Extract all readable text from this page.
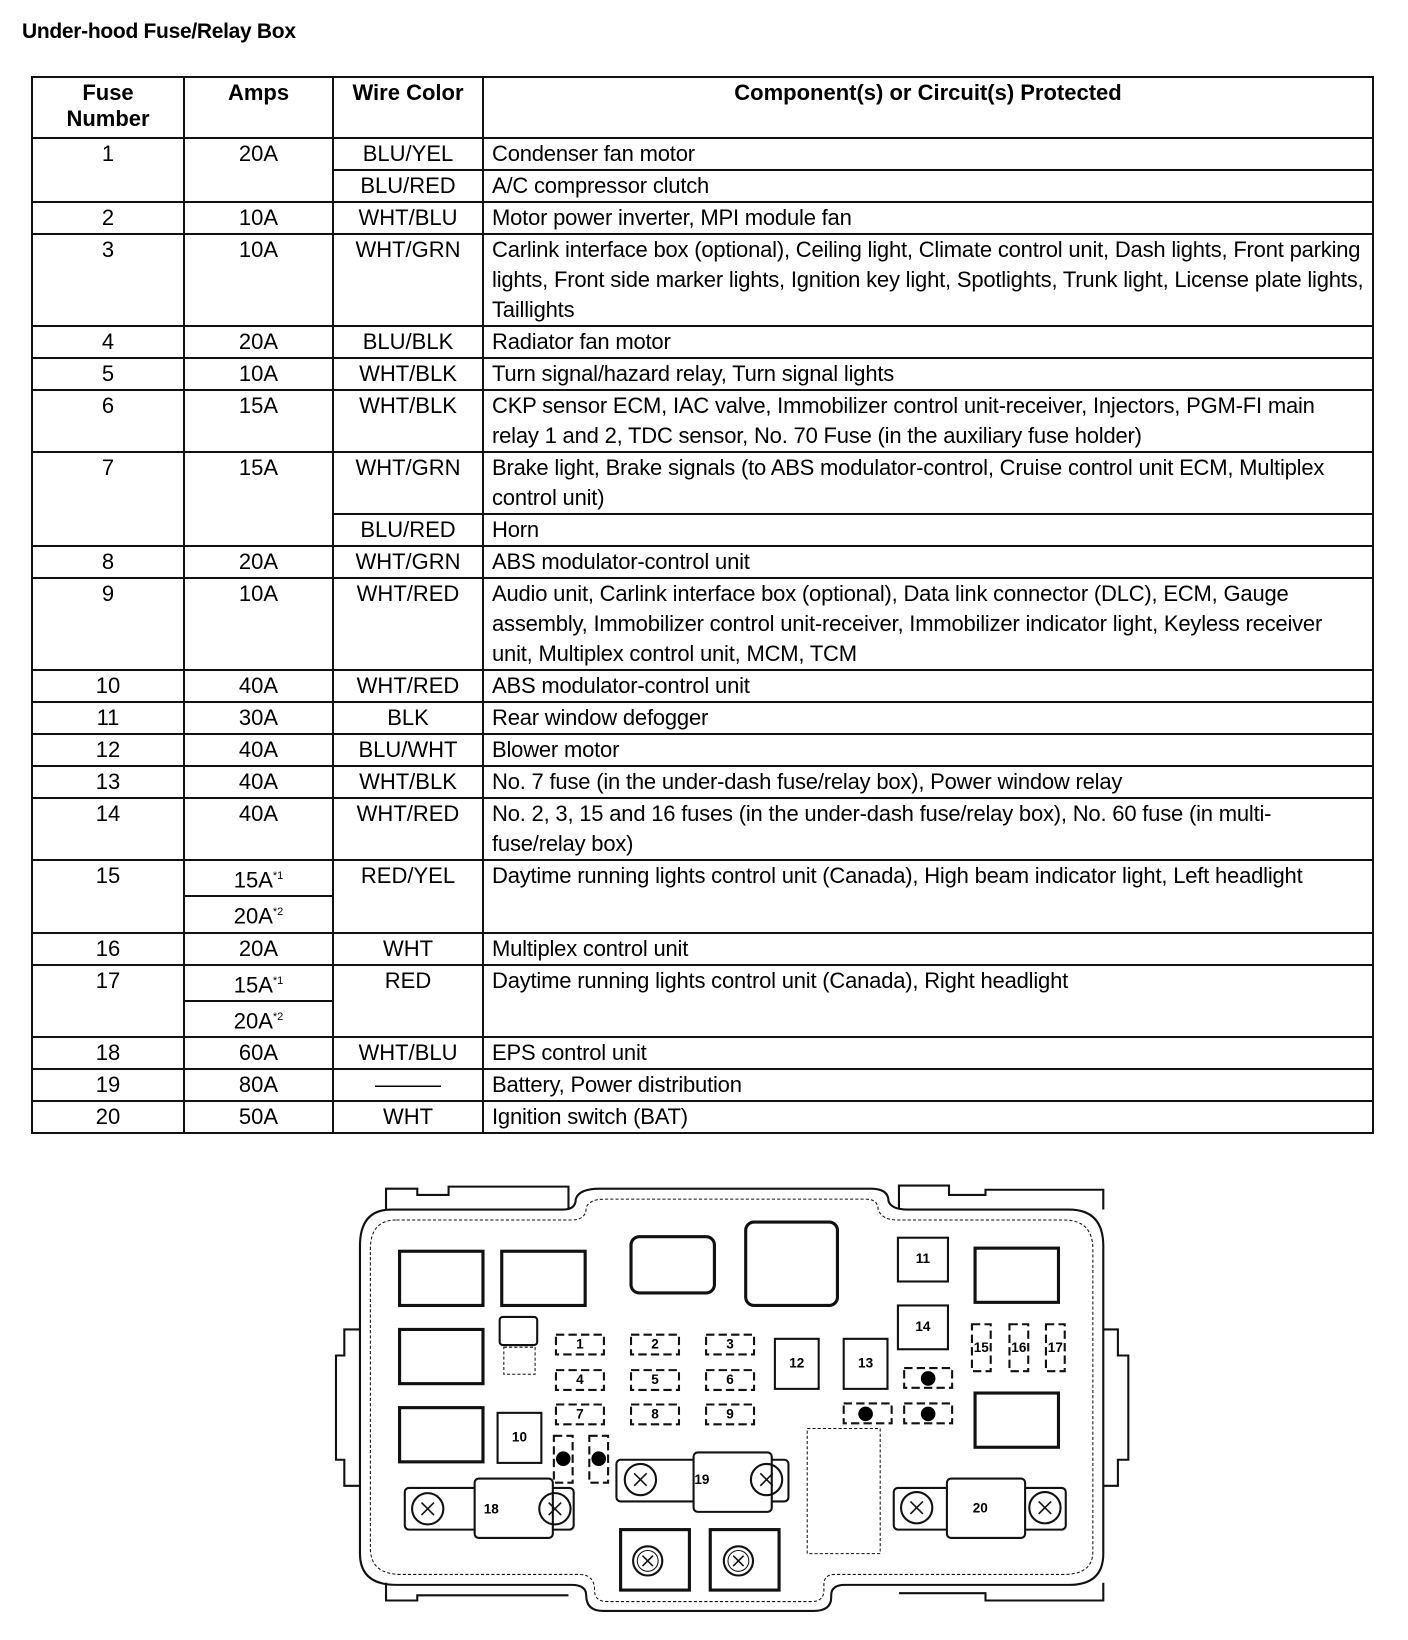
Under-hood Fuse/Relay Box
Fuse Number	Amps	Wire Color	Component(s) or Circuit(s) Protected
1	20A	BLU/YEL	Condenser fan motor
		BLU/RED	A/C compressor clutch
2	10A	WHT/BLU	Motor power inverter, MPI module fan
3	10A	WHT/GRN	Carlink interface box (optional), Ceiling light, Climate control unit, Dash lights, Front parking lights, Front side marker lights, Ignition key light, Spotlights, Trunk light, License plate lights, Taillights
4	20A	BLU/BLK	Radiator fan motor
5	10A	WHT/BLK	Turn signal/hazard relay, Turn signal lights
6	15A	WHT/BLK	CKP sensor ECM, IAC valve, Immobilizer control unit-receiver, Injectors, PGM-FI main relay 1 and 2, TDC sensor, No. 70 Fuse (in the auxiliary fuse holder)
7	15A	WHT/GRN	Brake light, Brake signals (to ABS modulator-control, Cruise control unit ECM, Multiplex control unit)
		BLU/RED	Horn
8	20A	WHT/GRN	ABS modulator-control unit
9	10A	WHT/RED	Audio unit, Carlink interface box (optional), Data link connector (DLC), ECM, Gauge assembly, Immobilizer control unit-receiver, Immobilizer indicator light, Keyless receiver unit, Multiplex control unit, MCM, TCM
10	40A	WHT/RED	ABS modulator-control unit
11	30A	BLK	Rear window defogger
12	40A	BLU/WHT	Blower motor
13	40A	WHT/BLK	No. 7 fuse (in the under-dash fuse/relay box), Power window relay
14	40A	WHT/RED	No. 2, 3, 15 and 16 fuses (in the under-dash fuse/relay box), No. 60 fuse (in multi-fuse/relay box)
15	$15A^{*1}$	RED/YEL	Daytime running lights control unit (Canada), High beam indicator light, Left headlight
	$20A^{*2}$
16	20A	WHT	Multiplex control unit
17	$15A^{*1}$	RED	Daytime running lights control unit (Canada), Right headlight
	$20A^{*2}$
18	60A	WHT/BLU	EPS control unit
19	80A	———	Battery, Power distribution
20	50A	WHT	Ignition switch (BAT)
1	2	3
4	5	6
7	8	9
10
11
12	13
14
15 16 17
18
19
20
